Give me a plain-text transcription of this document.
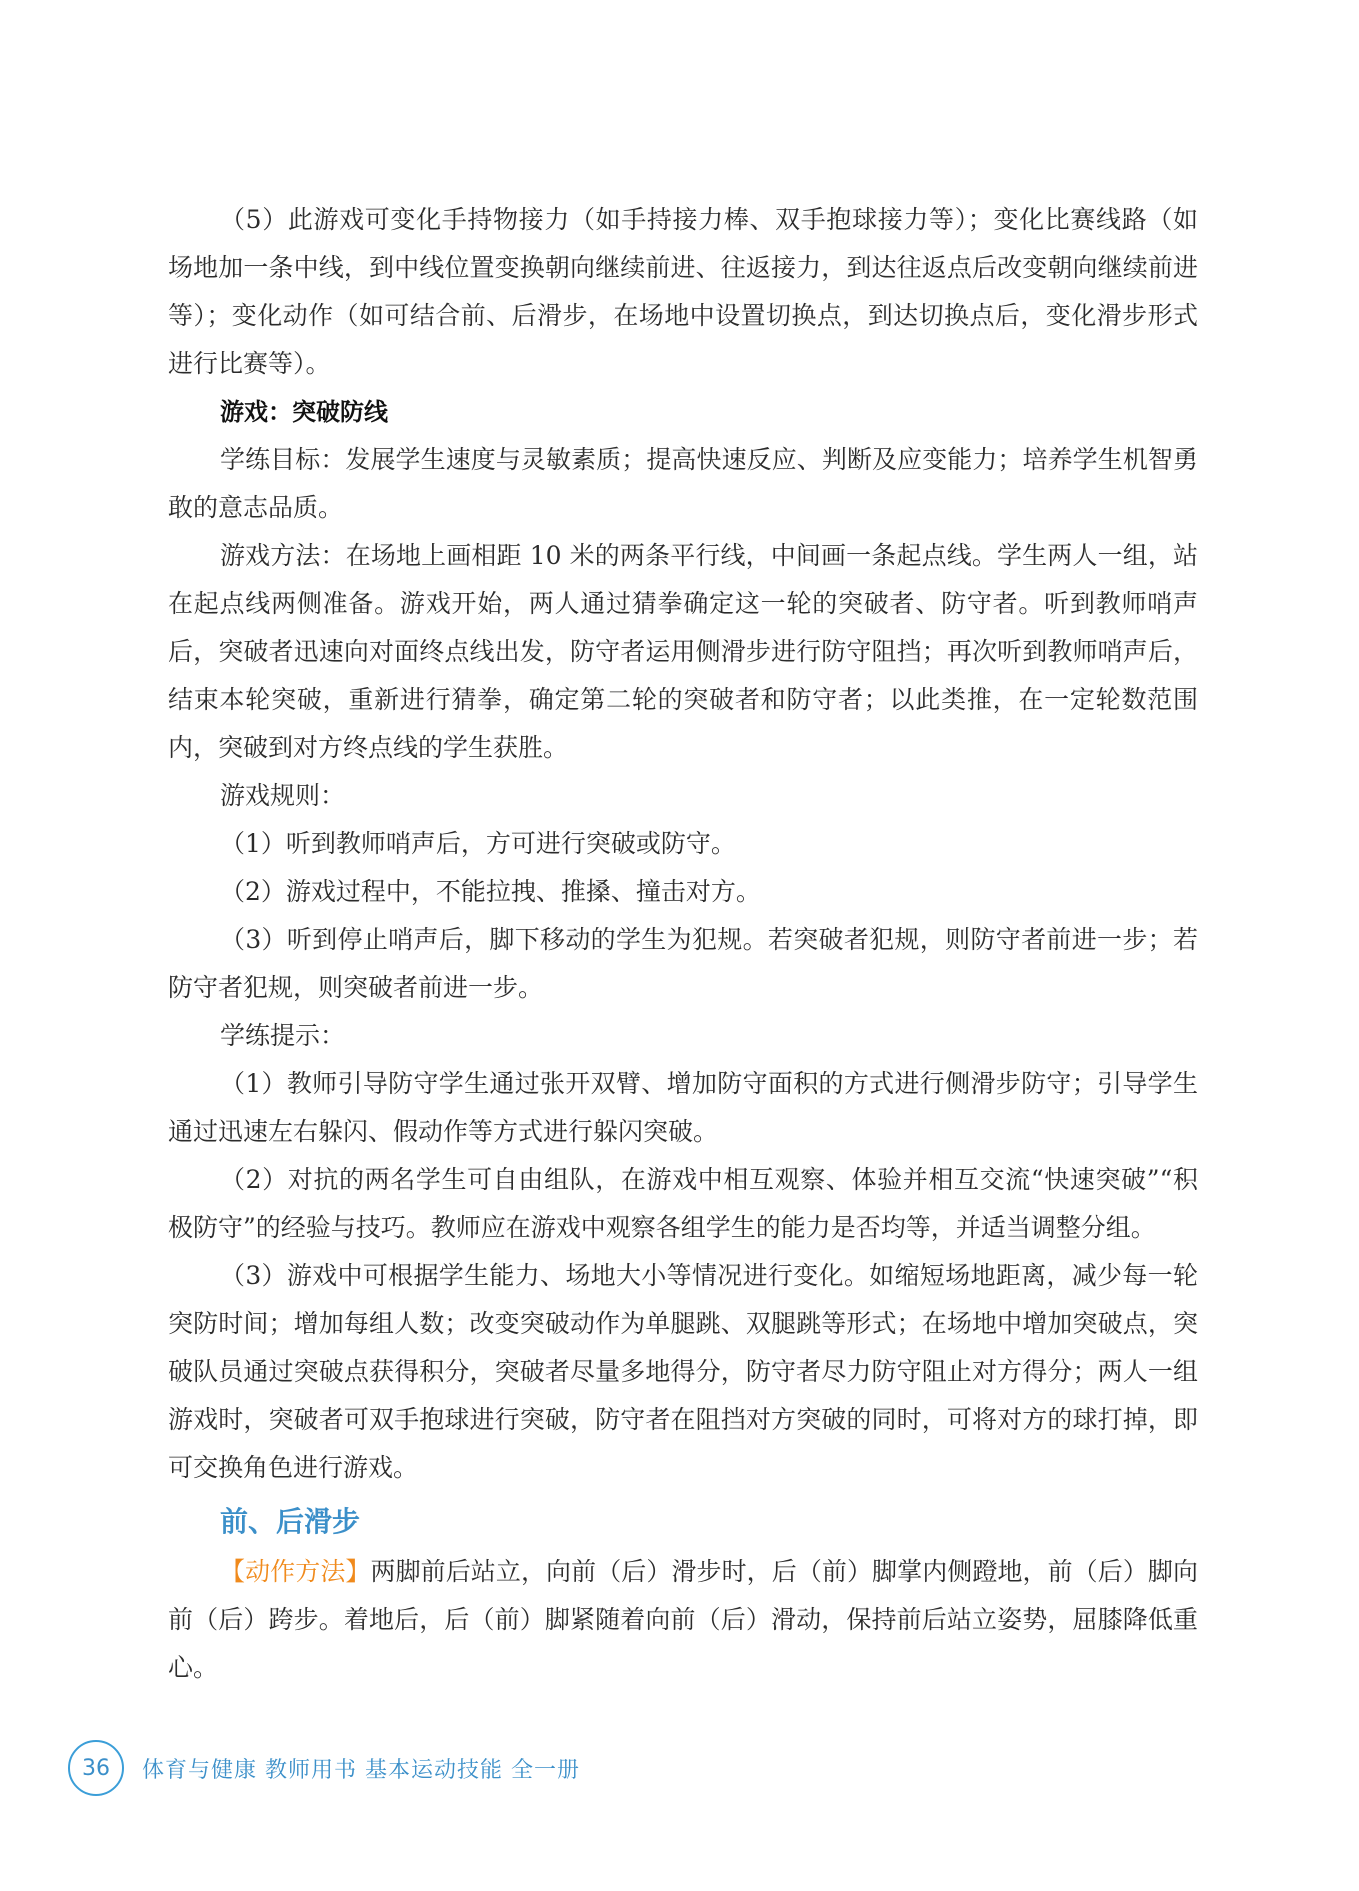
（5）此游戏可变化手持物接力（如手持接力棒、双手抱球接力等）；变化比赛线路（如场地加一条中线，到中线位置变换朝向继续前进、往返接力，到达往返点后改变朝向继续前进等）；变化动作（如可结合前、后滑步，在场地中设置切换点，到达切换点后，变化滑步形式进行比赛等）。

游戏：突破防线

学练目标：发展学生速度与灵敏素质；提高快速反应、判断及应变能力；培养学生机智勇敢的意志品质。

游戏方法：在场地上画相距 10 米的两条平行线，中间画一条起点线。学生两人一组，站在起点线两侧准备。游戏开始，两人通过猜拳确定这一轮的突破者、防守者。听到教师哨声后，突破者迅速向对面终点线出发，防守者运用侧滑步进行防守阻挡；再次听到教师哨声后，结束本轮突破，重新进行猜拳，确定第二轮的突破者和防守者；以此类推，在一定轮数范围内，突破到对方终点线的学生获胜。

游戏规则：

（1）听到教师哨声后，方可进行突破或防守。

（2）游戏过程中，不能拉拽、推搡、撞击对方。

（3）听到停止哨声后，脚下移动的学生为犯规。若突破者犯规，则防守者前进一步；若防守者犯规，则突破者前进一步。

学练提示：

（1）教师引导防守学生通过张开双臂、增加防守面积的方式进行侧滑步防守；引导学生通过迅速左右躲闪、假动作等方式进行躲闪突破。

（2）对抗的两名学生可自由组队，在游戏中相互观察、体验并相互交流“快速突破”“积极防守”的经验与技巧。教师应在游戏中观察各组学生的能力是否均等，并适当调整分组。

（3）游戏中可根据学生能力、场地大小等情况进行变化。如缩短场地距离，减少每一轮突防时间；增加每组人数；改变突破动作为单腿跳、双腿跳等形式；在场地中增加突破点，突破队员通过突破点获得积分，突破者尽量多地得分，防守者尽力防守阻止对方得分；两人一组游戏时，突破者可双手抱球进行突破，防守者在阻挡对方突破的同时，可将对方的球打掉，即可交换角色进行游戏。

前、后滑步

【动作方法】两脚前后站立，向前（后）滑步时，后（前）脚掌内侧蹬地，前（后）脚向前（后）跨步。着地后，后（前）脚紧随着向前（后）滑动，保持前后站立姿势，屈膝降低重心。

36	体育与健康 教师用书 基本运动技能 全一册
